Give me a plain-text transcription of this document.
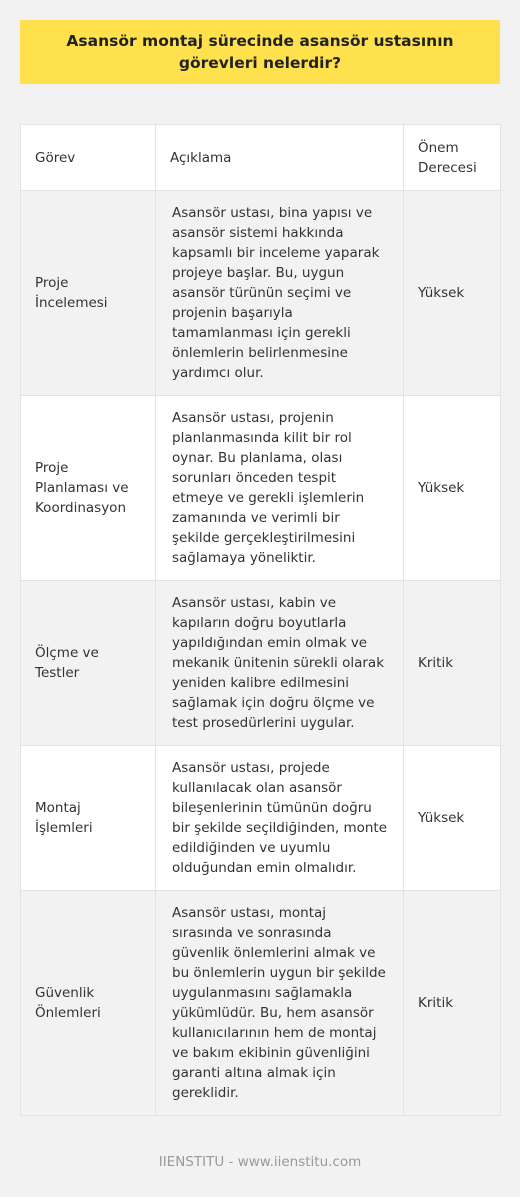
Asansör montaj sürecinde asansör ustasının görevleri nelerdir?
Görev	Açıklama	Önem Derecesi
Proje İncelemesi	Asansör ustası, bina yapısı ve asansör sistemi hakkında kapsamlı bir inceleme yaparak projeye başlar. Bu, uygun asansör türünün seçimi ve projenin başarıyla tamamlanması için gerekli önlemlerin belirlenmesine yardımcı olur.	Yüksek
Proje Planlaması ve Koordinasyon	Asansör ustası, projenin planlanmasında kilit bir rol oynar. Bu planlama, olası sorunları önceden tespit etmeye ve gerekli işlemlerin zamanında ve verimli bir şekilde gerçekleştirilmesini sağlamaya yöneliktir.	Yüksek
Ölçme ve Testler	Asansör ustası, kabin ve kapıların doğru boyutlarla yapıldığından emin olmak ve mekanik ünitenin sürekli olarak yeniden kalibre edilmesini sağlamak için doğru ölçme ve test prosedürlerini uygular.	Kritik
Montaj İşlemleri	Asansör ustası, projede kullanılacak olan asansör bileşenlerinin tümünün doğru bir şekilde seçildiğinden, monte edildiğinden ve uyumlu olduğundan emin olmalıdır.	Yüksek
Güvenlik Önlemleri	Asansör ustası, montaj sırasında ve sonrasında güvenlik önlemlerini almak ve bu önlemlerin uygun bir şekilde uygulanmasını sağlamakla yükümlüdür. Bu, hem asansör kullanıcılarının hem de montaj ve bakım ekibinin güvenliğini garanti altına almak için gereklidir.	Kritik
IIENSTITU - www.iienstitu.com
